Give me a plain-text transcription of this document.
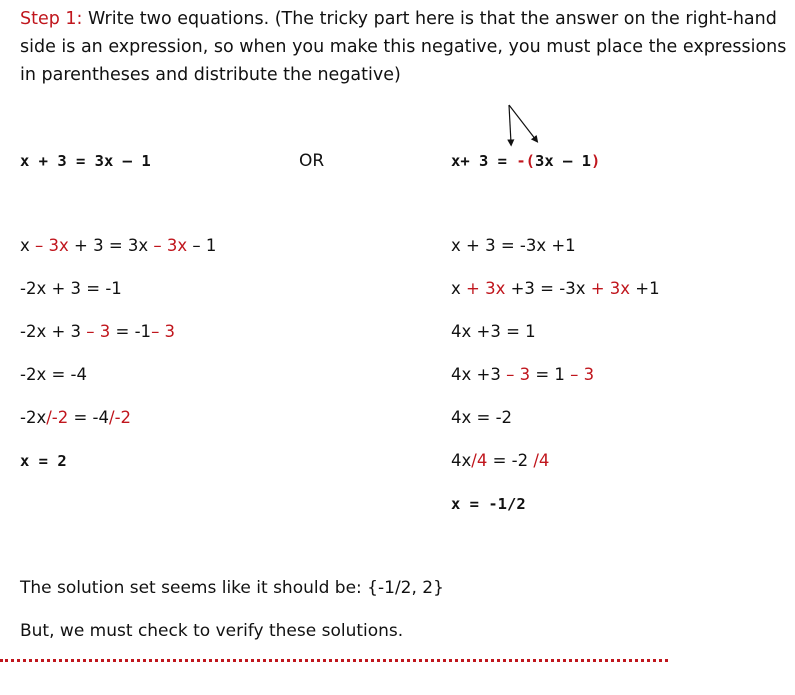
Step 1: Write two equations. (The tricky part here is that the answer on the right-hand side is an expression, so when you make this negative, you must place the expressions in parentheses and distribute the negative)
x + 3 = 3x – 1	OR	x+ 3 = -(3x – 1)
x – 3x + 3 = 3x – 3x – 1
-2x + 3 = -1
-2x + 3 – 3 = -1– 3
-2x = -4
-2x/-2 = -4/-2
x = 2
x + 3 = -3x +1
x + 3x +3 = -3x + 3x +1
4x +3 = 1
4x +3 – 3 = 1 – 3
4x = -2
4x/4 = -2 /4
x = -1/2
The solution set seems like it should be: {-1/2, 2}
But, we must check to verify these solutions.
